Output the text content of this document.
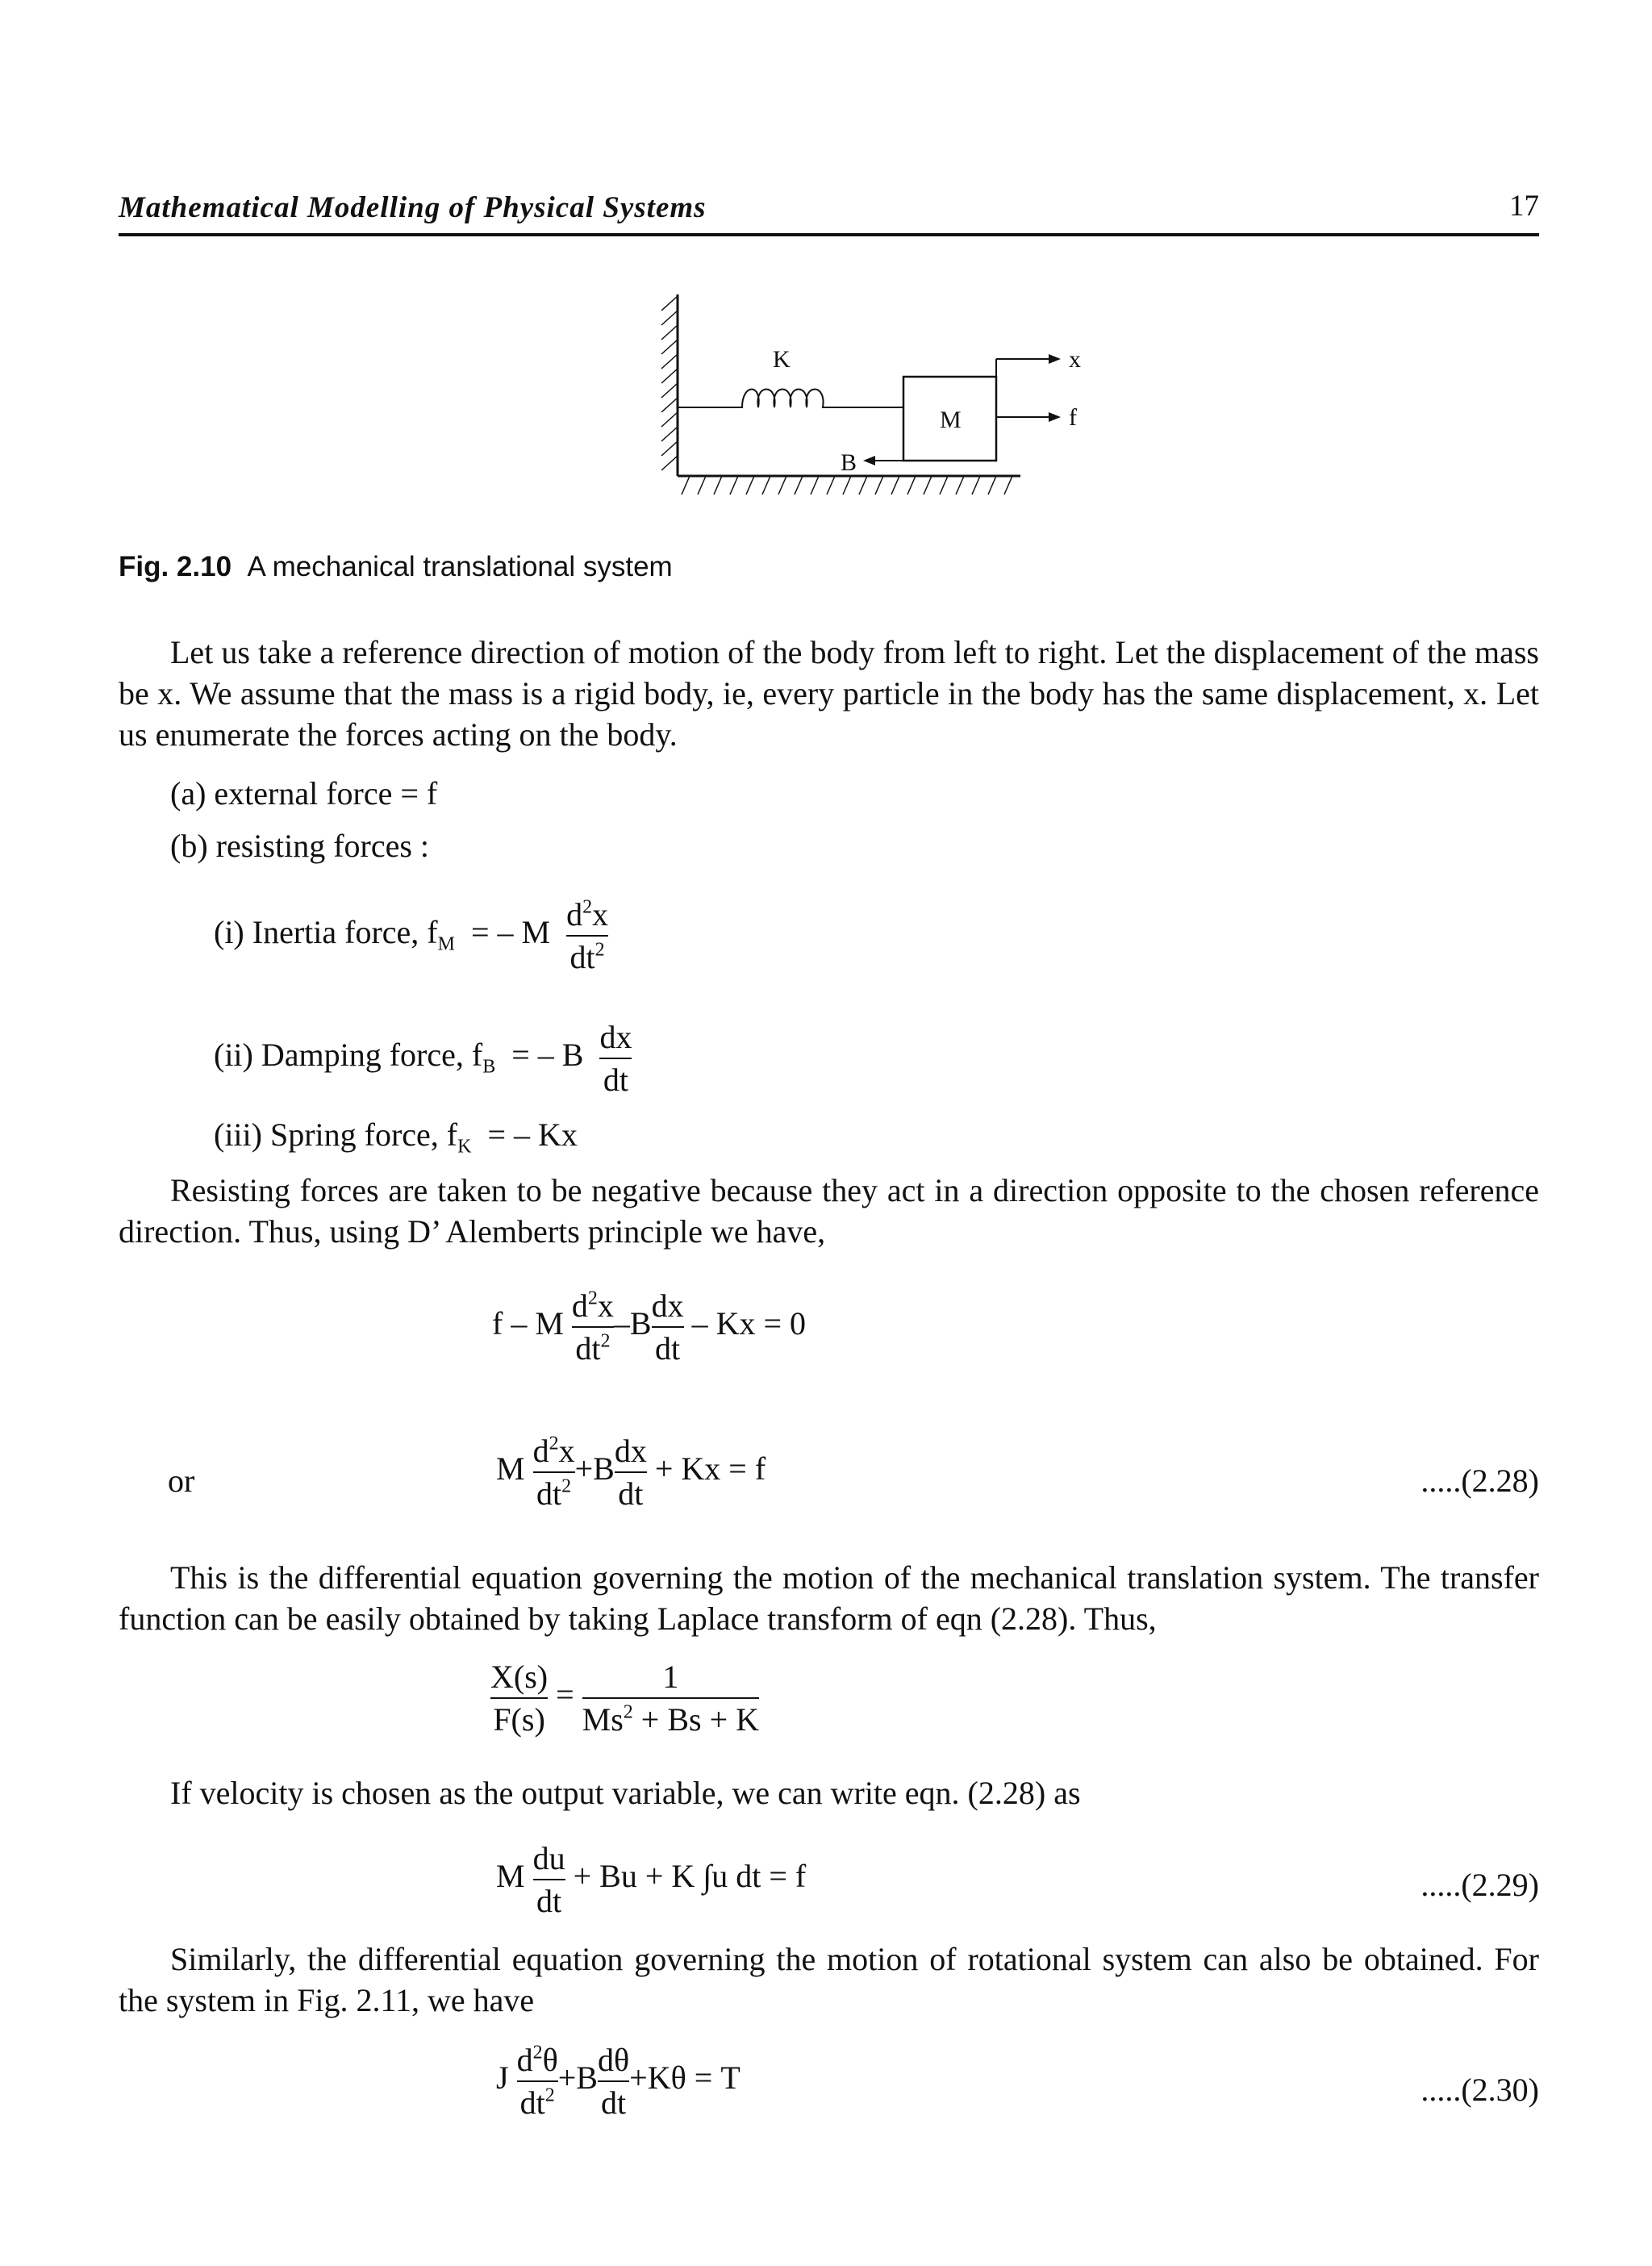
Mathematical Modelling of Physical Systems	17
K
M
B
x
f
Fig. 2.10 A mechanical translational system
Let us take a reference direction of motion of the body from left to right. Let the displacement of the mass be x. We assume that the mass is a rigid body, ie, every particle in the body has the same displacement, x. Let us enumerate the forces acting on the body.
(a) external force = f
(b) resisting forces :
(i) Inertia force, $f_M$ = – M $\frac{d^2x}{dt^2}$
(ii) Damping force, $f_B$ = – B $\frac{dx}{dt}$
(iii) Spring force, $f_K$ = – Kx
Resisting forces are taken to be negative because they act in a direction opposite to the chosen reference direction. Thus, using D’ Alemberts principle we have,
f – M $\frac{d^2x}{dt^2} -B \frac{dx}{dt} - Kx = 0$
or	M $\frac{d^2x}{dt^2} +B \frac{dx}{dt} + Kx = f$	.....(2.28)
This is the differential equation governing the motion of the mechanical translation system. The transfer function can be easily obtained by taking Laplace transform of eqn (2.28). Thus,
$\frac{X(s)}{F(s)} = \frac{1}{Ms^2 + Bs + K}$
If velocity is chosen as the output variable, we can write eqn. (2.28) as
M $\frac{du}{dt} + Bu + K$ ∫u dt = f	.....(2.29)
Similarly, the differential equation governing the motion of rotational system can also be obtained. For the system in Fig. 2.11, we have
J $\frac{d^2\theta}{dt^2} +B \frac{d\theta}{dt} +K\theta = T$	.....(2.30)
